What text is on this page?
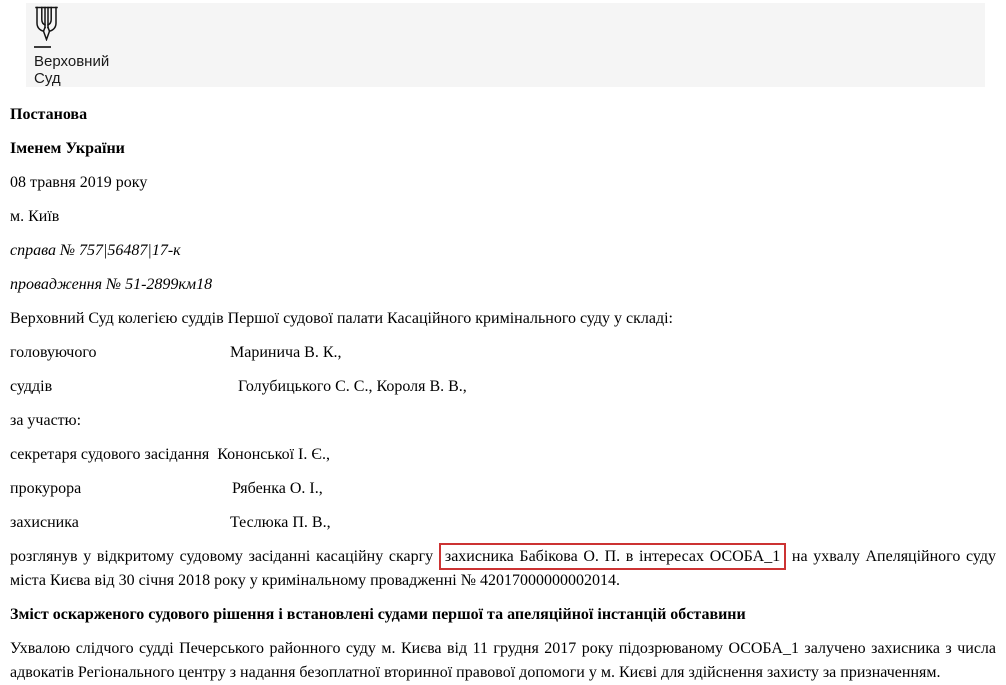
Верховний
Суд

Постанова

Іменем України

08 травня 2019 року

м. Київ

справа № 757|56487|17-к

провадження № 51-2899км18

Верховний Суд колегією суддів Першої судової палати Касаційного кримінального суду у складі:

головуючого	Маринича В. К.,

суддів	Голубицького С. С., Короля В. В.,

за участю:

секретаря судового засідання Кононської І. Є.,

прокурора	Рябенка О. І.,

захисника	Теслюка П. В.,

розглянув у відкритому судовому засіданні касаційну скаргу захисника Бабікова О. П. в інтересах ОСОБА_1 на ухвалу Апеляційного суду міста Києва від 30 січня 2018 року у кримінальному провадженні № 42017000000002014.

Зміст оскарженого судового рішення і встановлені судами першої та апеляційної інстанцій обставини

Ухвалою слідчого судді Печерського районного суду м. Києва від 11 грудня 2017 року підозрюваному ОСОБА_1 залучено захисника з числа адвокатів Регіонального центру з надання безоплатної вторинної правової допомоги у м. Києві для здійснення захисту за призначенням.
